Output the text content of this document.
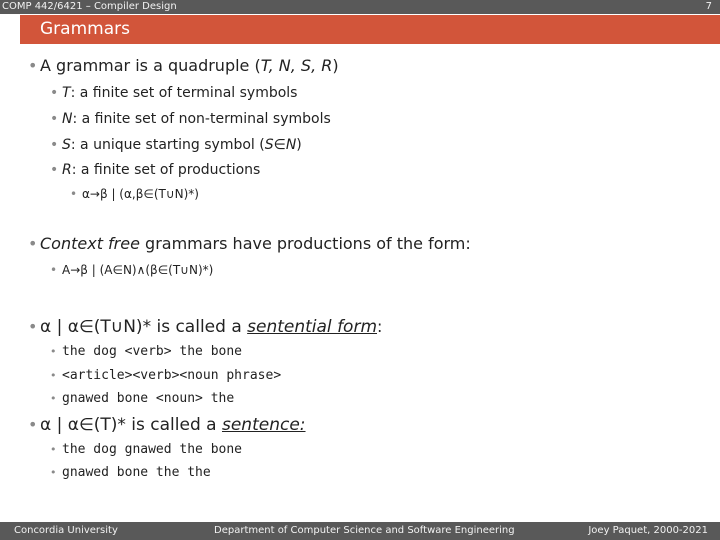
COMP 442/6421 – Compiler Design	7
Grammars
• A grammar is a quadruple (T, N, S, R)
• T: a finite set of terminal symbols
• N: a finite set of non-terminal symbols
• S: a unique starting symbol (S∈N)
• R: a finite set of productions
• α→β | (α,β∈(T∪N)*)
• Context free grammars have productions of the form:
• A→β | (A∈N)∧(β∈(T∪N)*)
• α | α∈(T∪N)* is called a sentential form:
• the dog <verb> the bone
• <article><verb><noun phrase>
• gnawed bone <noun> the
• α | α∈(T)* is called a sentence:
• the dog gnawed the bone
• gnawed bone the the
Concordia University	Department of Computer Science and Software Engineering	Joey Paquet, 2000-2021
